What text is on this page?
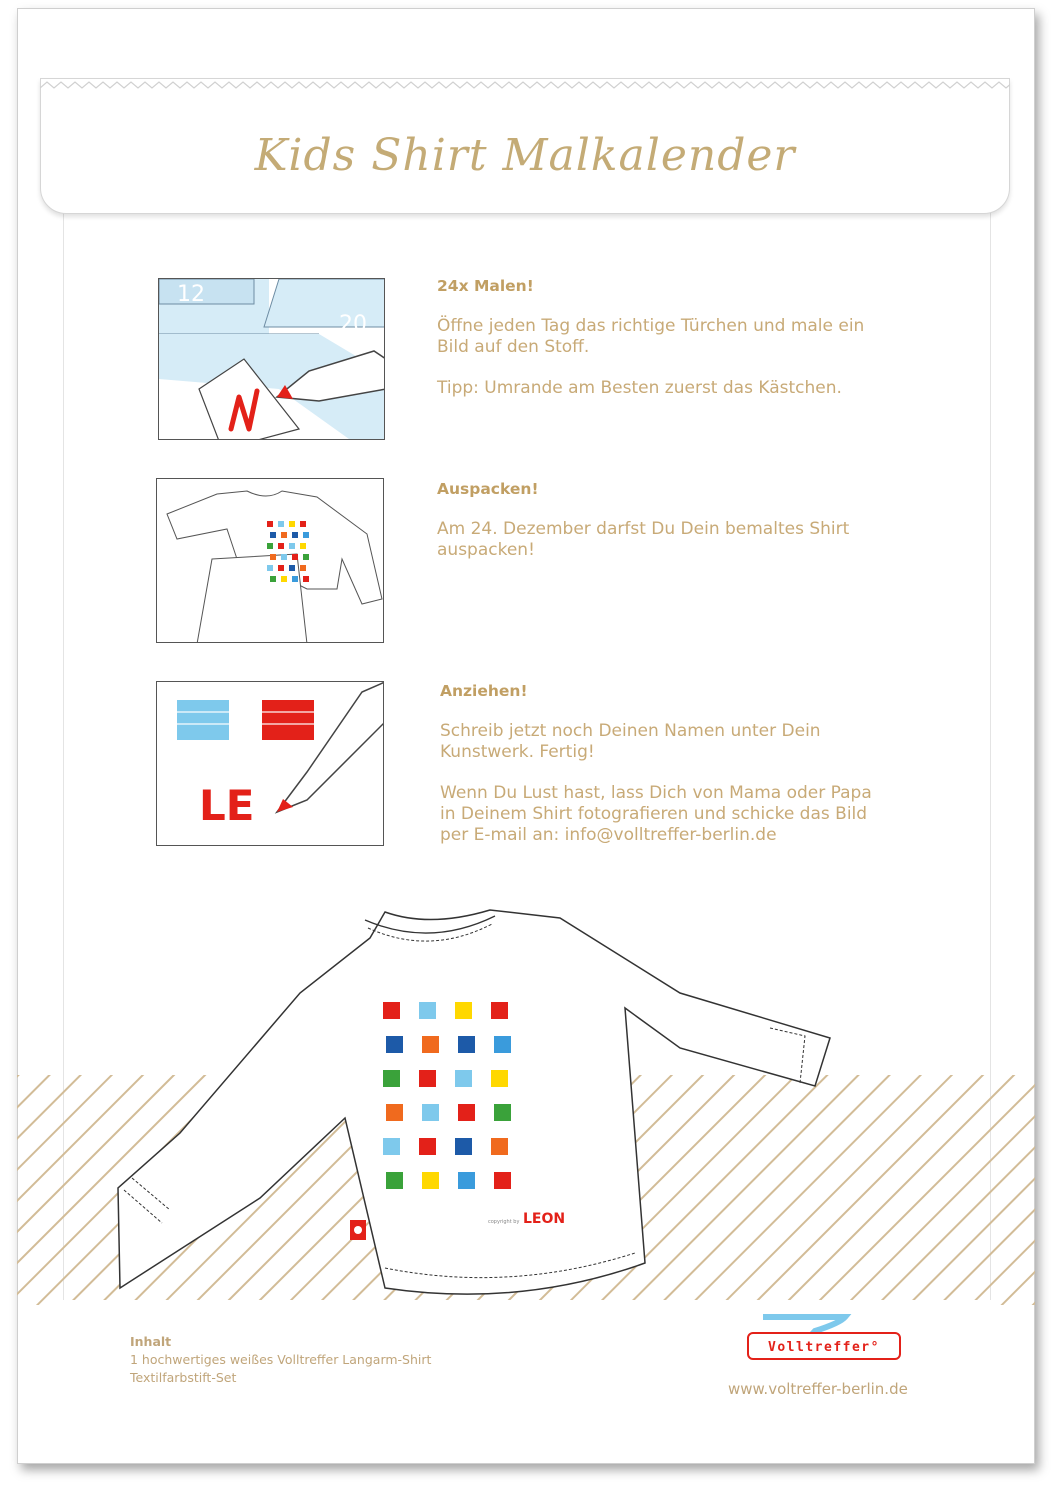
Kids Shirt Malkalender
12
20
24x Malen!

Öffne jeden Tag das richtige Türchen und male ein Bild auf den Stoff.

Tipp: Umrande am Besten zuerst das Kästchen.

Auspacken!

Am 24. Dezember darfst Du Dein bemaltes Shirt auspacken!

LE
Anziehen!

Schreib jetzt noch Deinen Namen unter Dein Kunstwerk. Fertig!

Wenn Du Lust hast, lass Dich von Mama oder Papa in Deinem Shirt fotografieren und schicke das Bild per E-mail an: info@volltreffer-berlin.de

copyright by LEON
Inhalt
1 hochwertiges weißes Volltreffer Langarm-Shirt
Textilfarbstift-Set
Volltreffer°
www.voltreffer-berlin.de
